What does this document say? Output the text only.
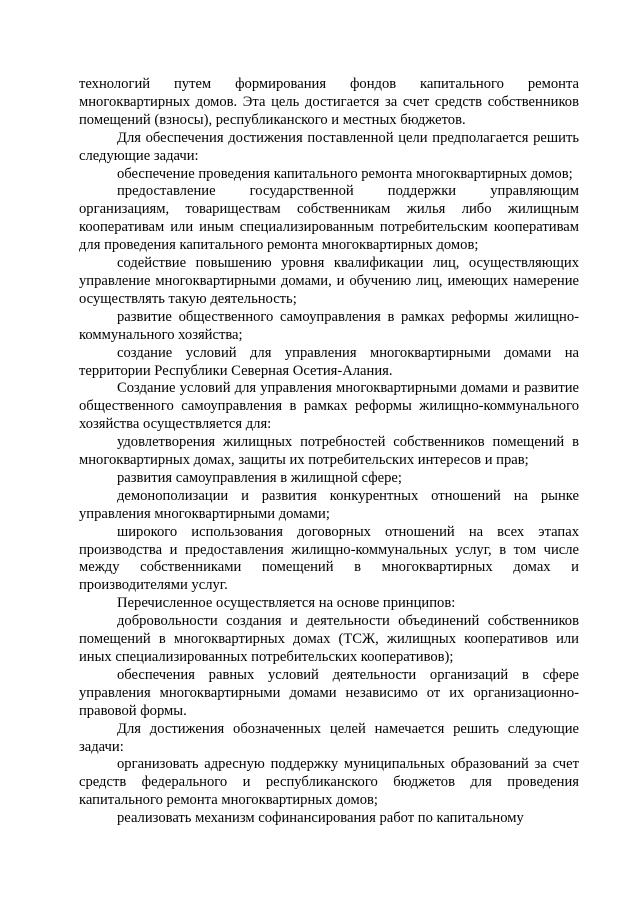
технологий путем формирования фондов капитального ремонта многоквартирных домов. Эта цель достигается за счет средств собственников помещений (взносы), республиканского и местных бюджетов.

Для обеспечения достижения поставленной цели предполагается решить следующие задачи:

обеспечение проведения капитального ремонта многоквартирных домов;

предоставление государственной поддержки управляющим организациям, товариществам собственникам жилья либо жилищным кооперативам или иным специализированным потребительским кооперативам для проведения капитального ремонта многоквартирных домов;

содействие повышению уровня квалификации лиц, осуществляющих управление многоквартирными домами, и обучению лиц, имеющих намерение осуществлять такую деятельность;

развитие общественного самоуправления в рамках реформы жилищно-коммунального хозяйства;

создание условий для управления многоквартирными домами на территории Республики Северная Осетия-Алания.

Создание условий для управления многоквартирными домами и развитие общественного самоуправления в рамках реформы жилищно-коммунального хозяйства осуществляется для:

удовлетворения жилищных потребностей собственников помещений в многоквартирных домах, защиты их потребительских интересов и прав;

развития самоуправления в жилищной сфере;

демонополизации и развития конкурентных отношений на рынке управления многоквартирными домами;

широкого использования договорных отношений на всех этапах производства и предоставления жилищно-коммунальных услуг, в том числе между собственниками помещений в многоквартирных домах и производителями услуг.

Перечисленное осуществляется на основе принципов:

добровольности создания и деятельности объединений собственников помещений в многоквартирных домах (ТСЖ, жилищных кооперативов или иных специализированных потребительских кооперативов);

обеспечения равных условий деятельности организаций в сфере управления многоквартирными домами независимо от их организационно-правовой формы.

Для достижения обозначенных целей намечается решить следующие задачи:

организовать адресную поддержку муниципальных образований за счет средств федерального и республиканского бюджетов для проведения капитального ремонта многоквартирных домов;

реализовать механизм софинансирования работ по капитальному
